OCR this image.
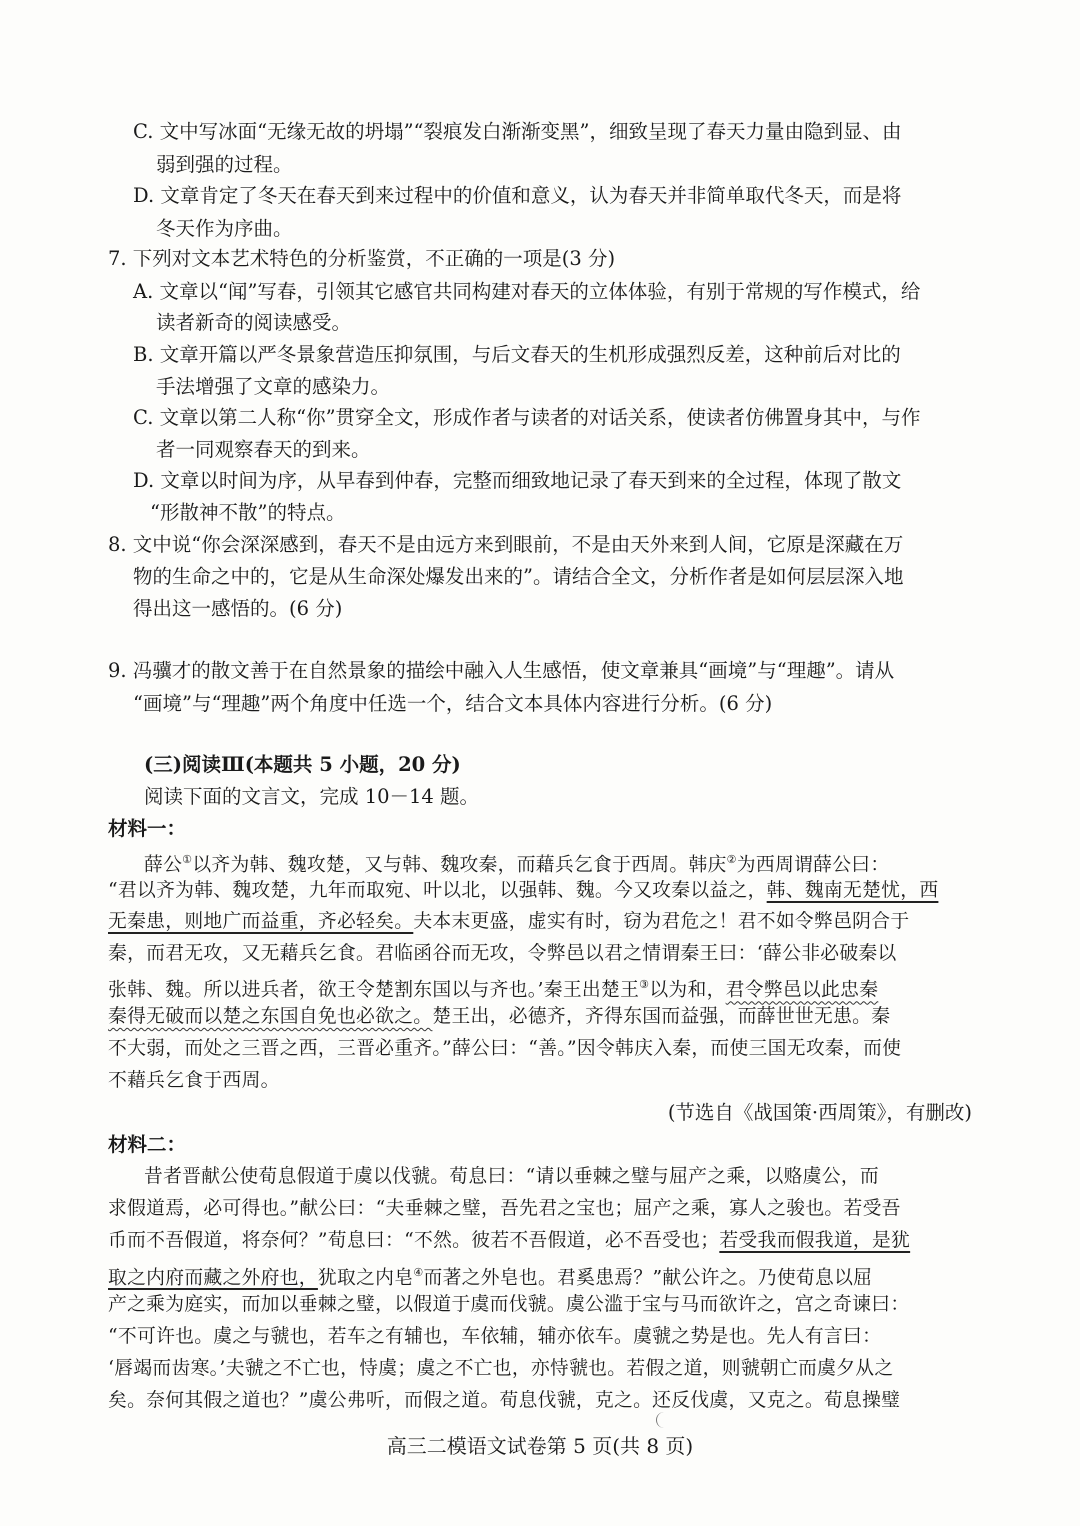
C. 文中写冰面“无缘无故的坍塌”“裂痕发白渐渐变黑”，细致呈现了春天力量由隐到显、由
弱到强的过程。
D. 文章肯定了冬天在春天到来过程中的价值和意义，认为春天并非简单取代冬天，而是将
冬天作为序曲。
7. 下列对文本艺术特色的分析鉴赏，不正确的一项是(3 分)
A. 文章以“闻”写春，引领其它感官共同构建对春天的立体体验，有别于常规的写作模式，给
读者新奇的阅读感受。
B. 文章开篇以严冬景象营造压抑氛围，与后文春天的生机形成强烈反差，这种前后对比的
手法增强了文章的感染力。
C. 文章以第二人称“你”贯穿全文，形成作者与读者的对话关系，使读者仿佛置身其中，与作
者一同观察春天的到来。
D. 文章以时间为序，从早春到仲春，完整而细致地记录了春天到来的全过程，体现了散文
“形散神不散”的特点。
8. 文中说“你会深深感到，春天不是由远方来到眼前，不是由天外来到人间，它原是深藏在万
物的生命之中的，它是从生命深处爆发出来的”。请结合全文，分析作者是如何层层深入地
得出这一感悟的。(6 分)
9. 冯骥才的散文善于在自然景象的描绘中融入人生感悟，使文章兼具“画境”与“理趣”。请从
“画境”与“理趣”两个角度中任选一个，结合文本具体内容进行分析。(6 分)
(三)阅读Ⅲ(本题共 5 小题，20 分)
阅读下面的文言文，完成 10－14 题。
材料一：
薛公①以齐为韩、魏攻楚，又与韩、魏攻秦，而藉兵乞食于西周。韩庆②为西周谓薛公曰：
“君以齐为韩、魏攻楚，九年而取宛、叶以北，以强韩、魏。今又攻秦以益之，韩、魏南无楚忧，西
无秦患，则地广而益重，齐必轻矣。夫本末更盛，虚实有时，窃为君危之！君不如令弊邑阴合于
秦，而君无攻，又无藉兵乞食。君临函谷而无攻，令弊邑以君之情谓秦王曰：‘薛公非必破秦以
张韩、魏。所以进兵者，欲王令楚割东国以与齐也。’秦王出楚王③以为和，君令弊邑以此忠秦
秦得无破而以楚之东国自免也必欲之。楚王出，必德齐，齐得东国而益强，而薛世世无患。秦
不大弱，而处之三晋之西，三晋必重齐。”薛公曰：“善。”因令韩庆入秦，而使三国无攻秦，而使
不藉兵乞食于西周。
(节选自《战国策·西周策》，有删改)
材料二：
昔者晋献公使荀息假道于虞以伐虢。荀息曰：“请以垂棘之璧与屈产之乘，以赂虞公，而
求假道焉，必可得也。”献公曰：“夫垂棘之璧，吾先君之宝也；屈产之乘，寡人之骏也。若受吾
币而不吾假道，将奈何？”荀息曰：“不然。彼若不吾假道，必不吾受也；若受我而假我道，是犹
取之内府而藏之外府也，犹取之内皂④而著之外皂也。君奚患焉？”献公许之。乃使荀息以屈
产之乘为庭实，而加以垂棘之璧，以假道于虞而伐虢。虞公滥于宝与马而欲许之，宫之奇谏曰：
“不可许也。虞之与虢也，若车之有辅也，车依辅，辅亦依车。虞虢之势是也。先人有言曰：
‘唇竭而齿寒。’夫虢之不亡也，恃虞；虞之不亡也，亦恃虢也。若假之道，则虢朝亡而虞夕从之
矣。奈何其假之道也？”虞公弗听，而假之道。荀息伐虢，克之。还反伐虞，又克之。荀息操璧
高三二模语文试卷第 5 页(共 8 页)
